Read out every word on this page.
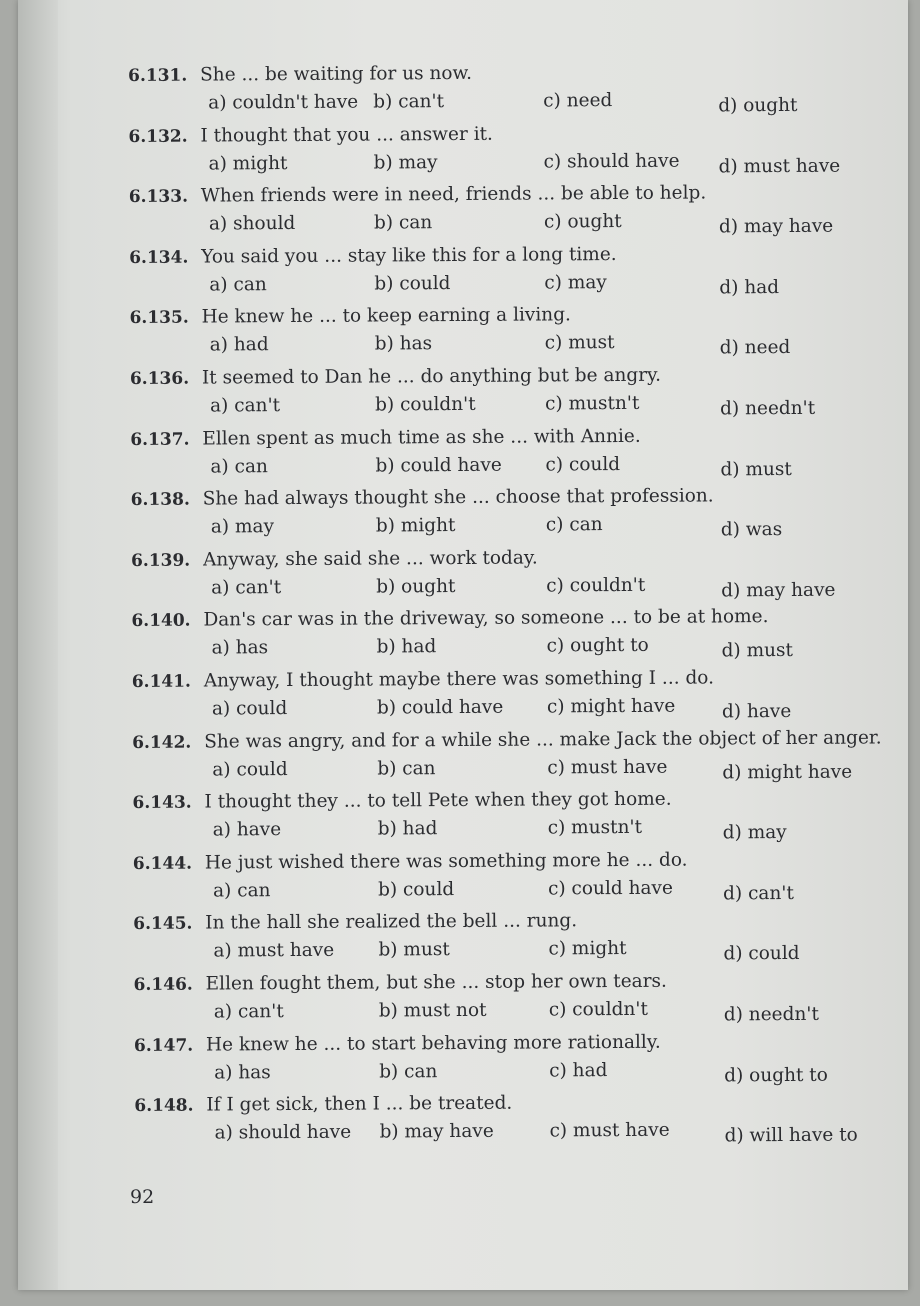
6.131. She ... be waiting for us now.
a) couldn't have b) can't	c) need	d) ought
6.132. I thought that you ... answer it.
a) might	b) may	c) should have d) must have
6.133. When friends were in need, friends ... be able to help.
a) should	b) can	c) ought	d) may have
6.134. You said you ... stay like this for a long time.
a) can	b) could	c) may	d) had
6.135. He knew he ... to keep earning a living.
a) had	b) has	c) must	d) need
6.136. It seemed to Dan he ... do anything but be angry.
a) can't	b) couldn't	c) mustn't	d) needn't
6.137. Ellen spent as much time as she ... with Annie.
a) can	b) could have c) could	d) must
6.138. She had always thought she ... choose that profession.
a) may	b) might	c) can	d) was
6.139. Anyway, she said she ... work today.
a) can't	b) ought	c) couldn't	d) may have
6.140. Dan's car was in the driveway, so someone ... to be at home.
a) has	b) had	c) ought to	d) must
6.141. Anyway, I thought maybe there was something I ... do.
a) could	b) could have c) might have	d) have
6.142. She was angry, and for a while she ... make Jack the object of her anger.
a) could	b) can	c) must have	d) might have
6.143. I thought they ... to tell Pete when they got home.
a) have	b) had	c) mustn't	d) may
6.144. He just wished there was something more he ... do.
a) can	b) could	c) could have	d) can't
6.145. In the hall she realized the bell ... rung.
a) must have b) must	c) might	d) could
6.146. Ellen fought them, but she ... stop her own tears.
a) can't	b) must not	c) couldn't	d) needn't
6.147. He knew he ... to start behaving more rationally.
a) has	b) can	c) had	d) ought to
6.148. If I get sick, then I ... be treated.
a) should have b) may have	c) must have	d) will have to
92
